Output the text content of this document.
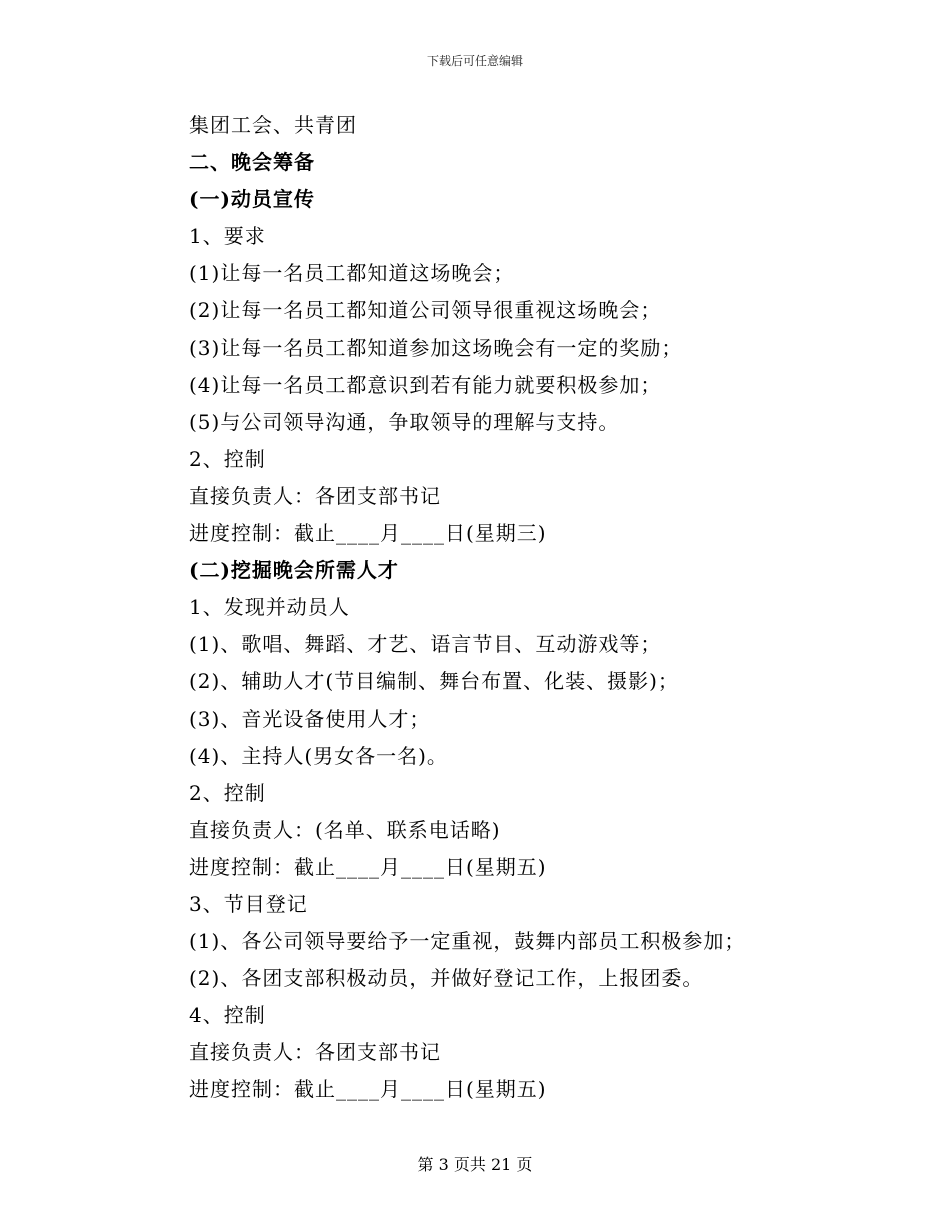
下载后可任意编辑
集团工会、共青团
二、晚会筹备
(一)动员宣传
1、要求
(1)让每一名员工都知道这场晚会；
(2)让每一名员工都知道公司领导很重视这场晚会；
(3)让每一名员工都知道参加这场晚会有一定的奖励；
(4)让每一名员工都意识到若有能力就要积极参加；
(5)与公司领导沟通，争取领导的理解与支持。
2、控制
直接负责人：各团支部书记
进度控制：截止____月____日(星期三)
(二)挖掘晚会所需人才
1、发现并动员人
(1)、歌唱、舞蹈、才艺、语言节目、互动游戏等；
(2)、辅助人才(节目编制、舞台布置、化装、摄影)；
(3)、音光设备使用人才；
(4)、主持人(男女各一名)。
2、控制
直接负责人：(名单、联系电话略)
进度控制：截止____月____日(星期五)
3、节目登记
(1)、各公司领导要给予一定重视，鼓舞内部员工积极参加；
(2)、各团支部积极动员，并做好登记工作，上报团委。
4、控制
直接负责人：各团支部书记
进度控制：截止____月____日(星期五)
第 3 页共 21 页
